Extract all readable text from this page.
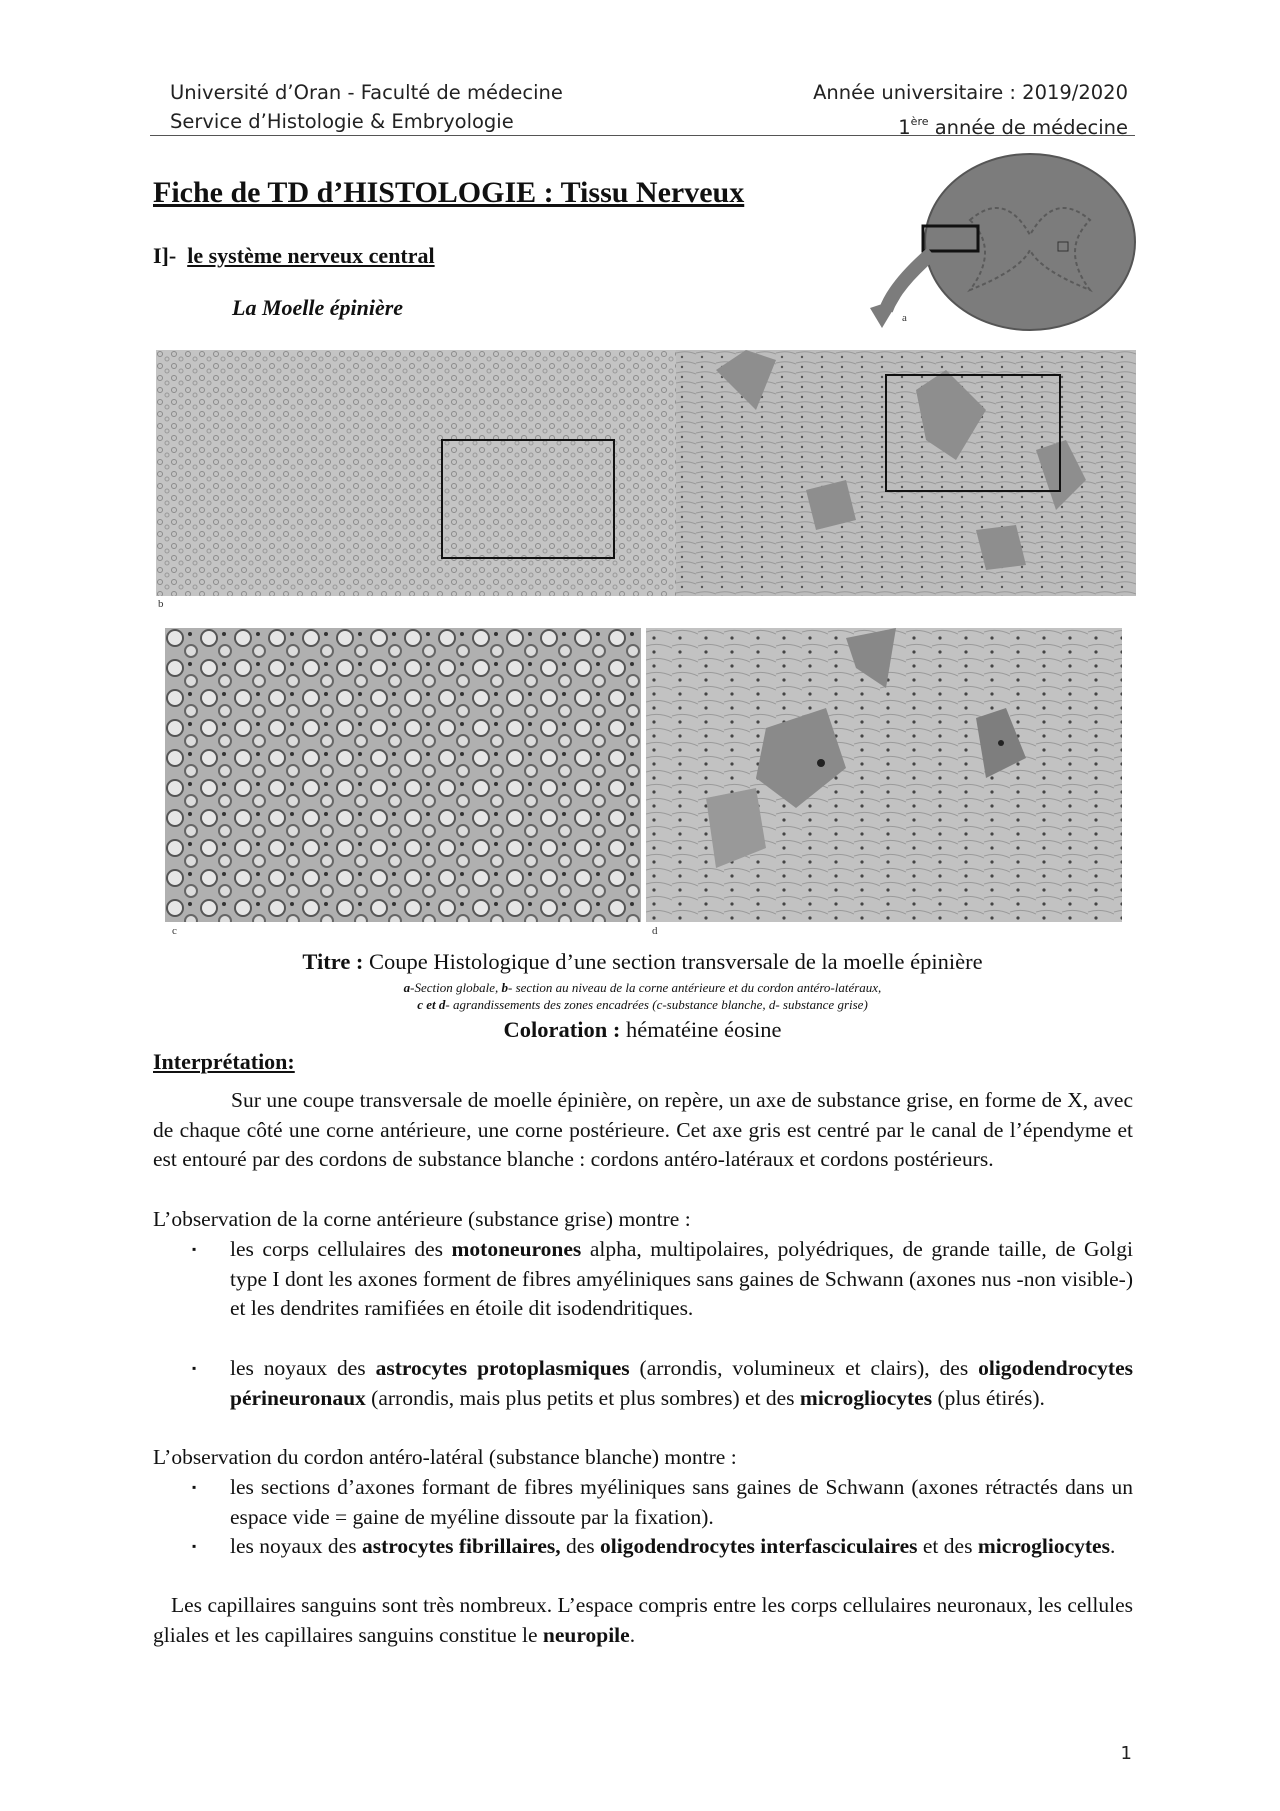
Université d’Oran - Faculté de médecine
Service d’Histologie & Embryologie
Année universitaire : 2019/2020
1ère année de médecine
Fiche de TD d’HISTOLOGIE : Tissu Nerveux
I]- le système nerveux central
La Moelle épinière	a
b
c	d
Titre : Coupe Histologique d’une section transversale de la moelle épinière
a-Section globale, b- section au niveau de la corne antérieure et du cordon antéro-latéraux,
c et d- agrandissements des zones encadrées (c-substance blanche, d- substance grise)
Coloration : hématéine éosine
Interprétation:
Sur une coupe transversale de moelle épinière, on repère, un axe de substance grise, en forme de X, avec de chaque côté une corne antérieure, une corne postérieure. Cet axe gris est centré par le canal de l’épendyme et est entouré par des cordons de substance blanche : cordons antéro-latéraux et cordons postérieurs.
L’observation de la corne antérieure (substance grise) montre :
▪ les corps cellulaires des motoneurones alpha, multipolaires, polyédriques, de grande taille, de Golgi type I dont les axones forment de fibres amyéliniques sans gaines de Schwann (axones nus -non visible-) et les dendrites ramifiées en étoile dit isodendritiques.
▪ les noyaux des astrocytes protoplasmiques (arrondis, volumineux et clairs), des oligodendrocytes périneuronaux (arrondis, mais plus petits et plus sombres) et des microgliocytes (plus étirés).
L’observation du cordon antéro-latéral (substance blanche) montre :
▪ les sections d’axones formant de fibres myéliniques sans gaines de Schwann (axones rétractés dans un espace vide = gaine de myéline dissoute par la fixation).
▪ les noyaux des astrocytes fibrillaires, des oligodendrocytes interfasciculaires et des microgliocytes.
Les capillaires sanguins sont très nombreux. L’espace compris entre les corps cellulaires neuronaux, les cellules gliales et les capillaires sanguins constitue le neuropile.
1
